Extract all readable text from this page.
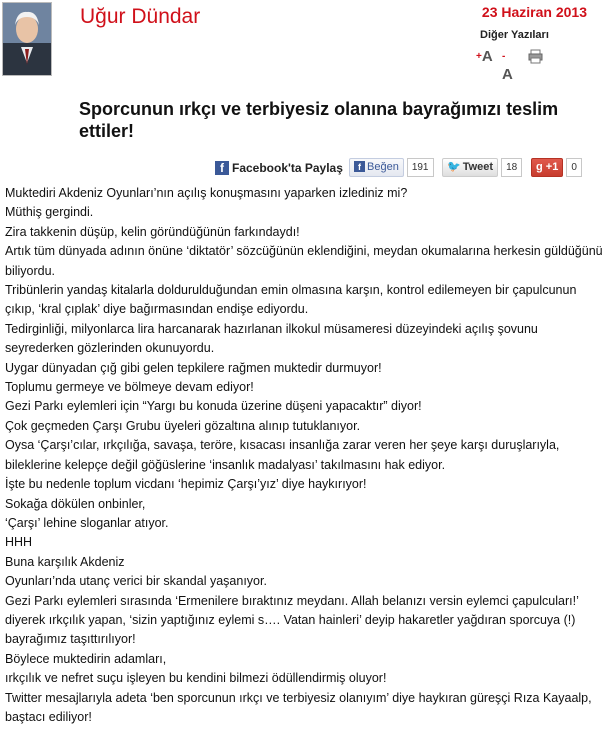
Uğur Dündar	23 Haziran 2013
Diğer Yazıları
+A -A
Sporcunun ırkçı ve terbiyesiz olanına bayrağımızı teslim ettiler!
f Facebook'ta Paylaş	f Beğen 191	🐦 Tweet 18	g +1 0

Muktediri Akdeniz Oyunları’nın açılış konuşmasını yaparken izlediniz mi?

Müthiş gergindi.

Zira takkenin düşüp, kelin göründüğünün farkındaydı!

Artık tüm dünyada adının önüne ‘diktatör’ sözcüğünün eklendiğini, meydan okumalarına herkesin güldüğünü biliyordu.

Tribünlerin yandaş kitalarla doldurulduğundan emin olmasına karşın, kontrol edilemeyen bir çapulcunun çıkıp, ‘kral çıplak’ diye bağırmasından endişe ediyordu.

Tedirginliği, milyonlarca lira harcanarak hazırlanan ilkokul müsameresi düzeyindeki açılış şovunu seyrederken gözlerinden okunuyordu.

Uygar dünyadan çığ gibi gelen tepkilere rağmen muktedir durmuyor!

Toplumu germeye ve bölmeye devam ediyor!

Gezi Parkı eylemleri için “Yargı bu konuda üzerine düşeni yapacaktır” diyor!

Çok geçmeden Çarşı Grubu üyeleri gözaltına alınıp tutuklanıyor.

Oysa ‘Çarşı’cılar, ırkçılığa, savaşa, teröre, kısacası insanlığa zarar veren her şeye karşı duruşlarıyla, bileklerine kelepçe değil göğüslerine ‘insanlık madalyası’ takılmasını hak ediyor.

İşte bu nedenle toplum vicdanı ‘hepimiz Çarşı’yız’ diye haykırıyor!

Sokağa dökülen onbinler,

‘Çarşı’ lehine sloganlar atıyor.

HHH

Buna karşılık Akdeniz

Oyunları’nda utanç verici bir skandal yaşanıyor.

Gezi Parkı eylemleri sırasında ‘Ermenilere bıraktınız meydanı. Allah belanızı versin eylemci çapulcuları!’ diyerek ırkçılık yapan, ‘sizin yaptığınız eylemi s…. Vatan hainleri’ deyip hakaretler yağdıran sporcuya (!) bayrağımız taşıttırılıyor!

Böylece muktedirin adamları,

ırkçılık ve nefret suçu işleyen bu kendini bilmezi ödüllendirmiş oluyor!

Twitter mesajlarıyla adeta ‘ben sporcunun ırkçı ve terbiyesiz olanıyım’ diye haykıran güreşçi Rıza Kayaalp, baştacı ediliyor!
